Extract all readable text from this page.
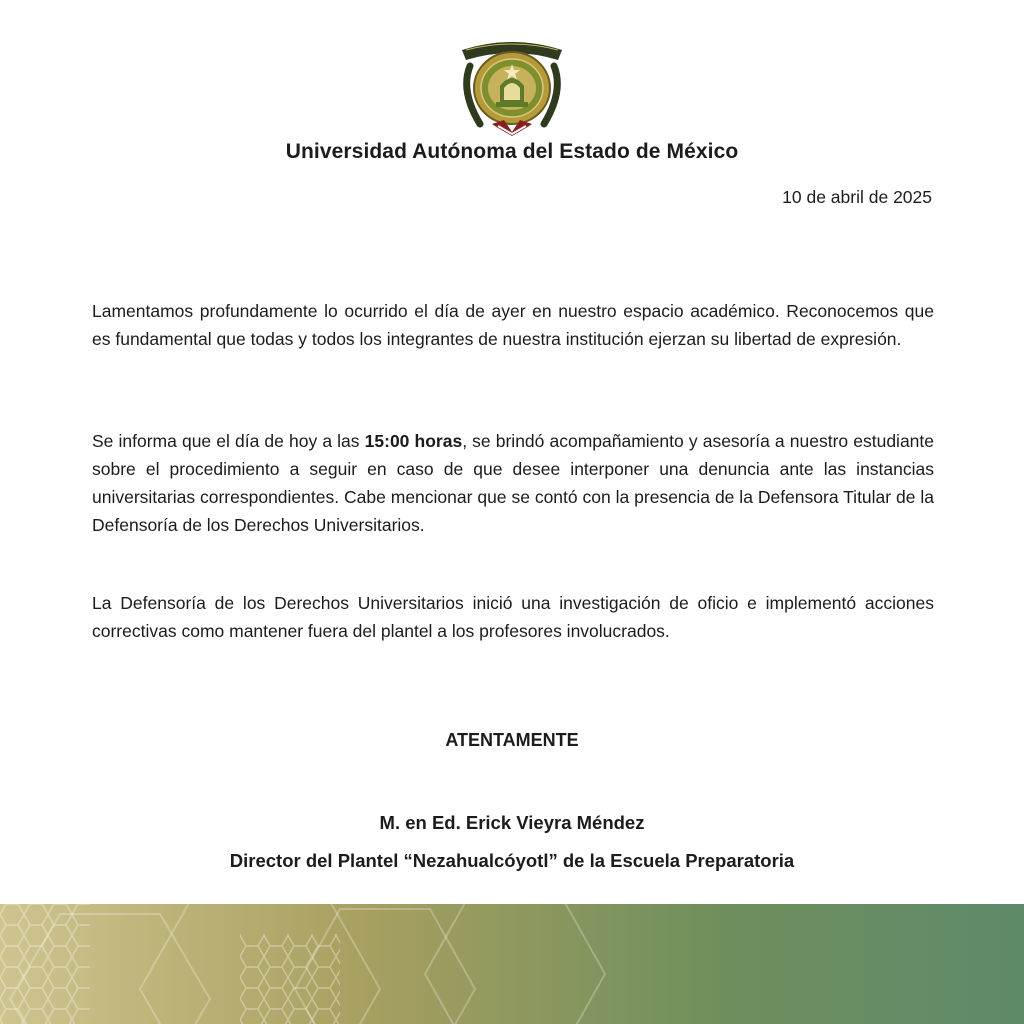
Universidad Autónoma del Estado de México
10 de abril de 2025
Lamentamos profundamente lo ocurrido el día de ayer en nuestro espacio académico. Reconocemos que es fundamental que todas y todos los integrantes de nuestra institución ejerzan su libertad de expresión.
Se informa que el día de hoy a las 15:00 horas, se brindó acompañamiento y asesoría a nuestro estudiante sobre el procedimiento a seguir en caso de que desee interponer una denuncia ante las instancias universitarias correspondientes. Cabe mencionar que se contó con la presencia de la Defensora Titular de la Defensoría de los Derechos Universitarios.
La Defensoría de los Derechos Universitarios inició una investigación de oficio e implementó acciones correctivas como mantener fuera del plantel a los profesores involucrados.
ATENTAMENTE
M. en Ed. Erick Vieyra Méndez
Director del Plantel “Nezahualcóyotl” de la Escuela Preparatoria
